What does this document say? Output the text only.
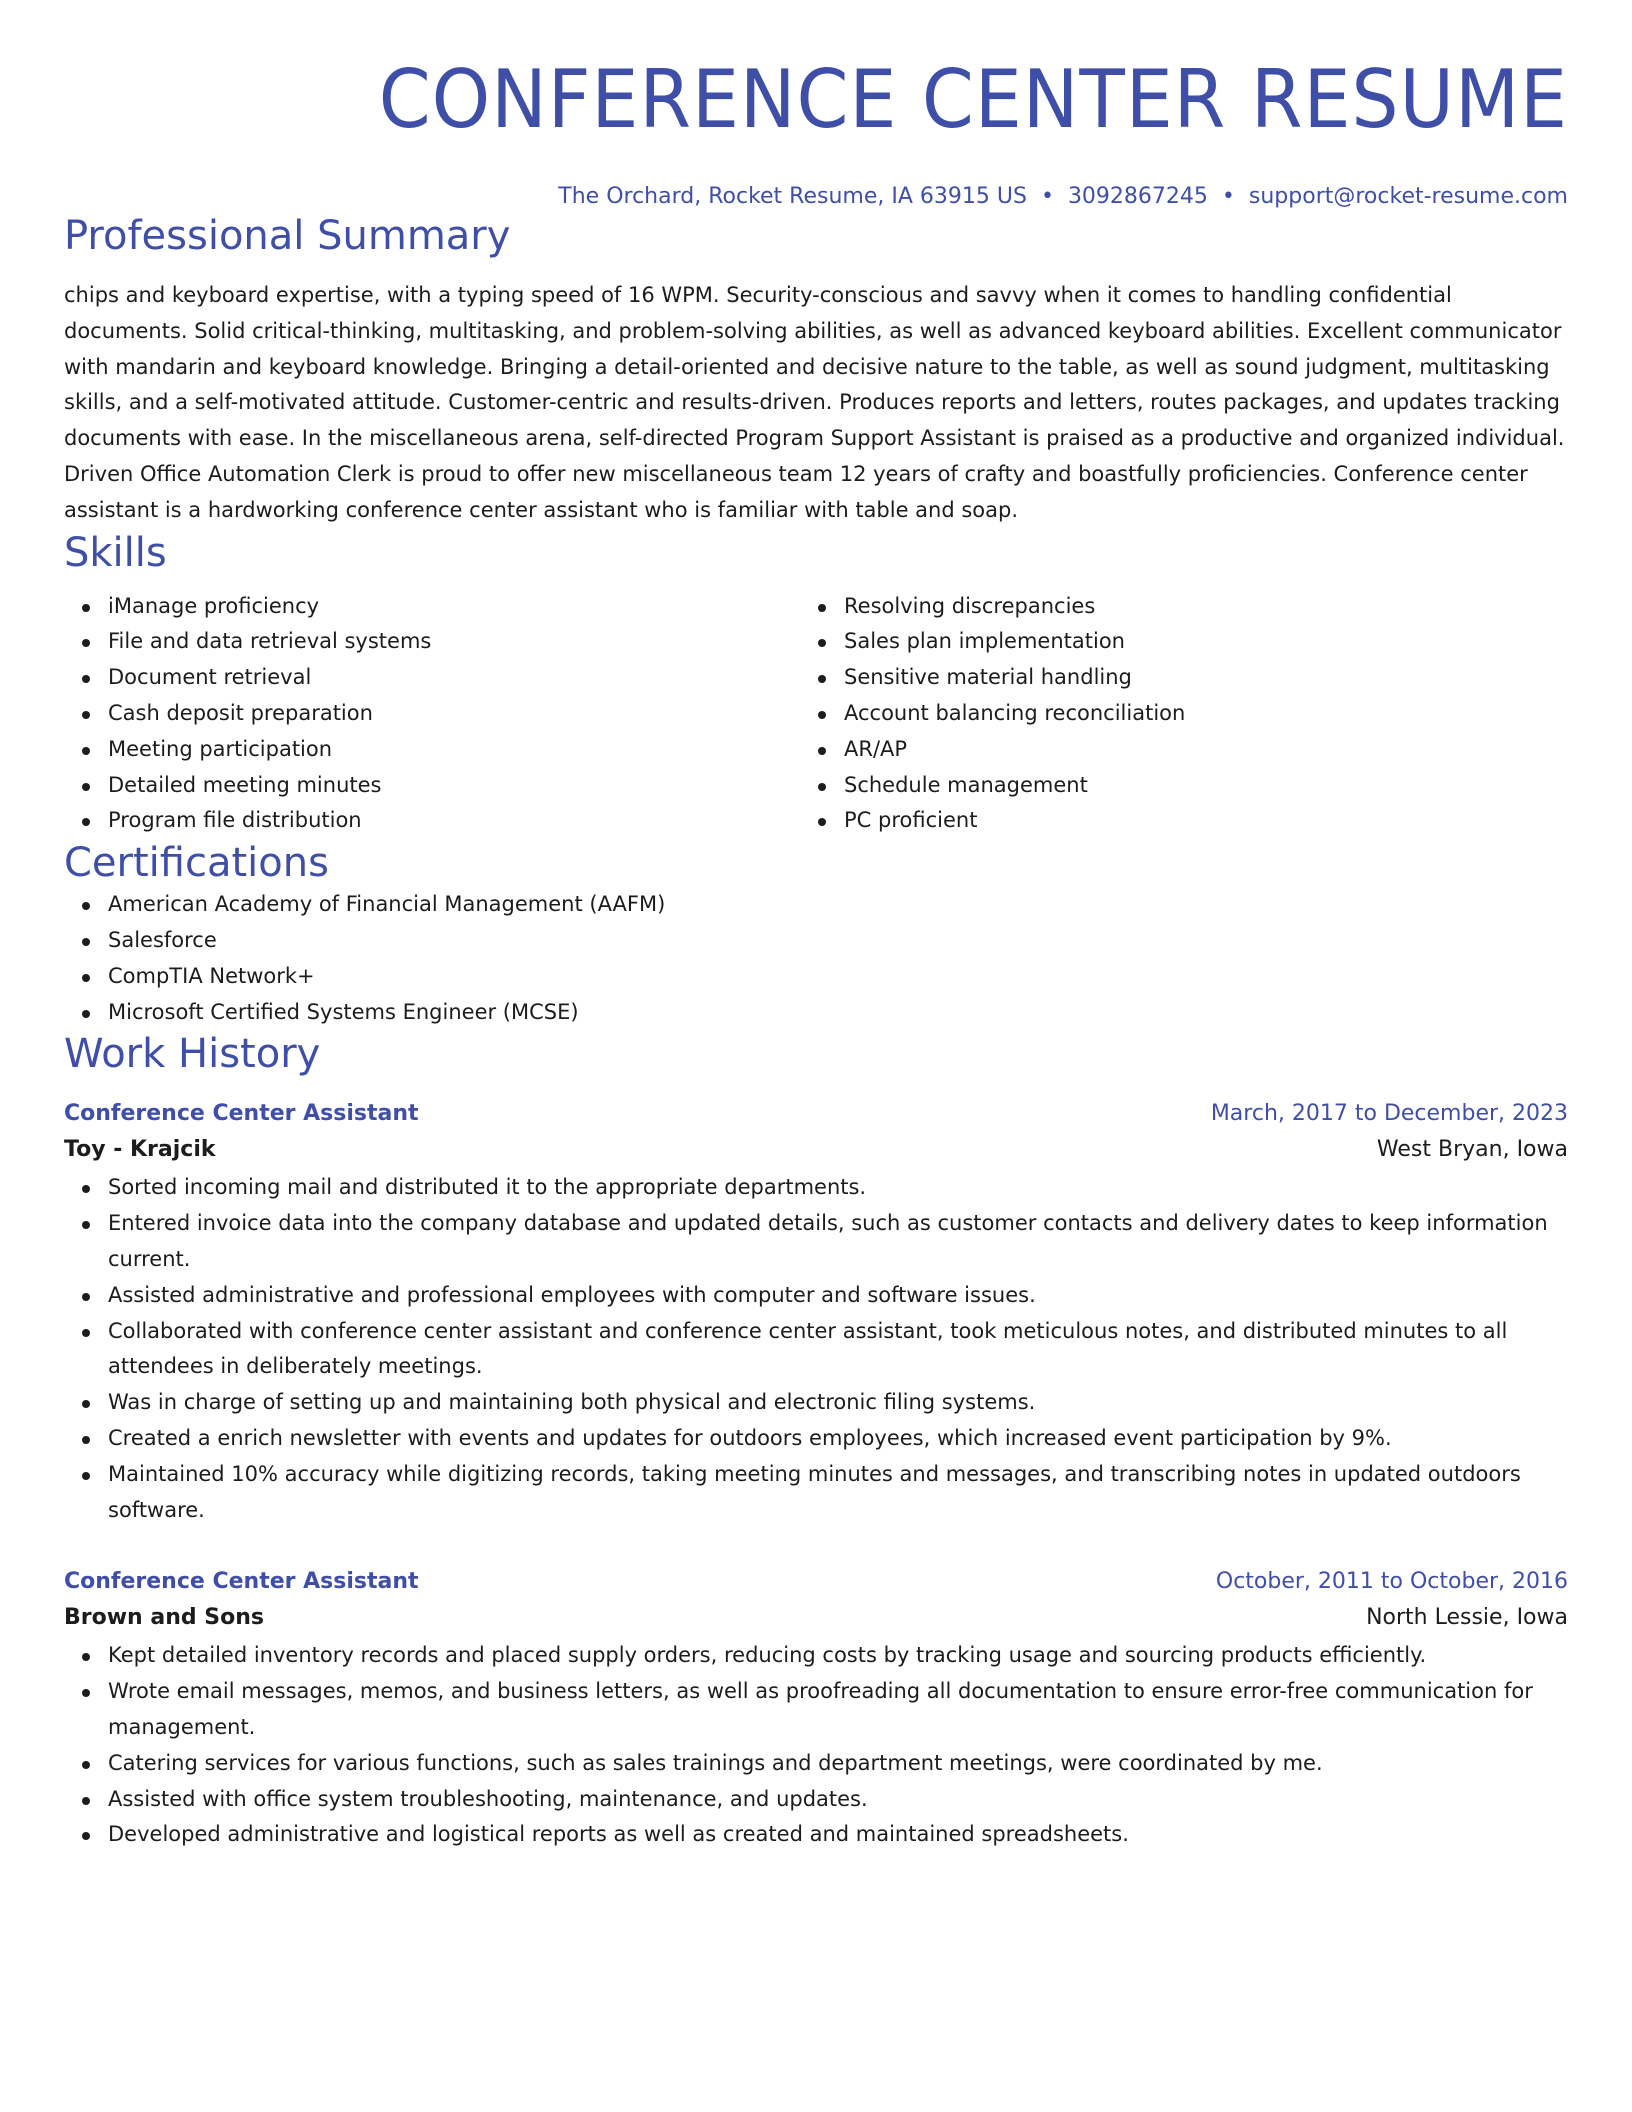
CONFERENCE CENTER RESUME
The Orchard, Rocket Resume, IA 63915 US • 3092867245 • support@rocket-resume.com
Professional Summary
chips and keyboard expertise, with a typing speed of 16 WPM. Security-conscious and savvy when it comes to handling confidential documents. Solid critical-thinking, multitasking, and problem-solving abilities, as well as advanced keyboard abilities. Excellent communicator with mandarin and keyboard knowledge. Bringing a detail-oriented and decisive nature to the table, as well as sound judgment, multitasking skills, and a self-motivated attitude. Customer-centric and results-driven. Produces reports and letters, routes packages, and updates tracking documents with ease. In the miscellaneous arena, self-directed Program Support Assistant is praised as a productive and organized individual. Driven Office Automation Clerk is proud to offer new miscellaneous team 12 years of crafty and boastfully proficiencies. Conference center assistant is a hardworking conference center assistant who is familiar with table and soap.
Skills
iManage proficiency
File and data retrieval systems
Document retrieval
Cash deposit preparation
Meeting participation
Detailed meeting minutes
Program file distribution
Resolving discrepancies
Sales plan implementation
Sensitive material handling
Account balancing reconciliation
AR/AP
Schedule management
PC proficient
Certifications
American Academy of Financial Management (AAFM)
Salesforce
CompTIA Network+
Microsoft Certified Systems Engineer (MCSE)
Work History
Conference Center Assistant	March, 2017 to December, 2023
Toy - Krajcik	West Bryan, Iowa
Sorted incoming mail and distributed it to the appropriate departments.
Entered invoice data into the company database and updated details, such as customer contacts and delivery dates to keep information current.
Assisted administrative and professional employees with computer and software issues.
Collaborated with conference center assistant and conference center assistant, took meticulous notes, and distributed minutes to all attendees in deliberately meetings.
Was in charge of setting up and maintaining both physical and electronic filing systems.
Created a enrich newsletter with events and updates for outdoors employees, which increased event participation by 9%.
Maintained 10% accuracy while digitizing records, taking meeting minutes and messages, and transcribing notes in updated outdoors software.
Conference Center Assistant	October, 2011 to October, 2016
Brown and Sons	North Lessie, Iowa
Kept detailed inventory records and placed supply orders, reducing costs by tracking usage and sourcing products efficiently.
Wrote email messages, memos, and business letters, as well as proofreading all documentation to ensure error-free communication for management.
Catering services for various functions, such as sales trainings and department meetings, were coordinated by me.
Assisted with office system troubleshooting, maintenance, and updates.
Developed administrative and logistical reports as well as created and maintained spreadsheets.
